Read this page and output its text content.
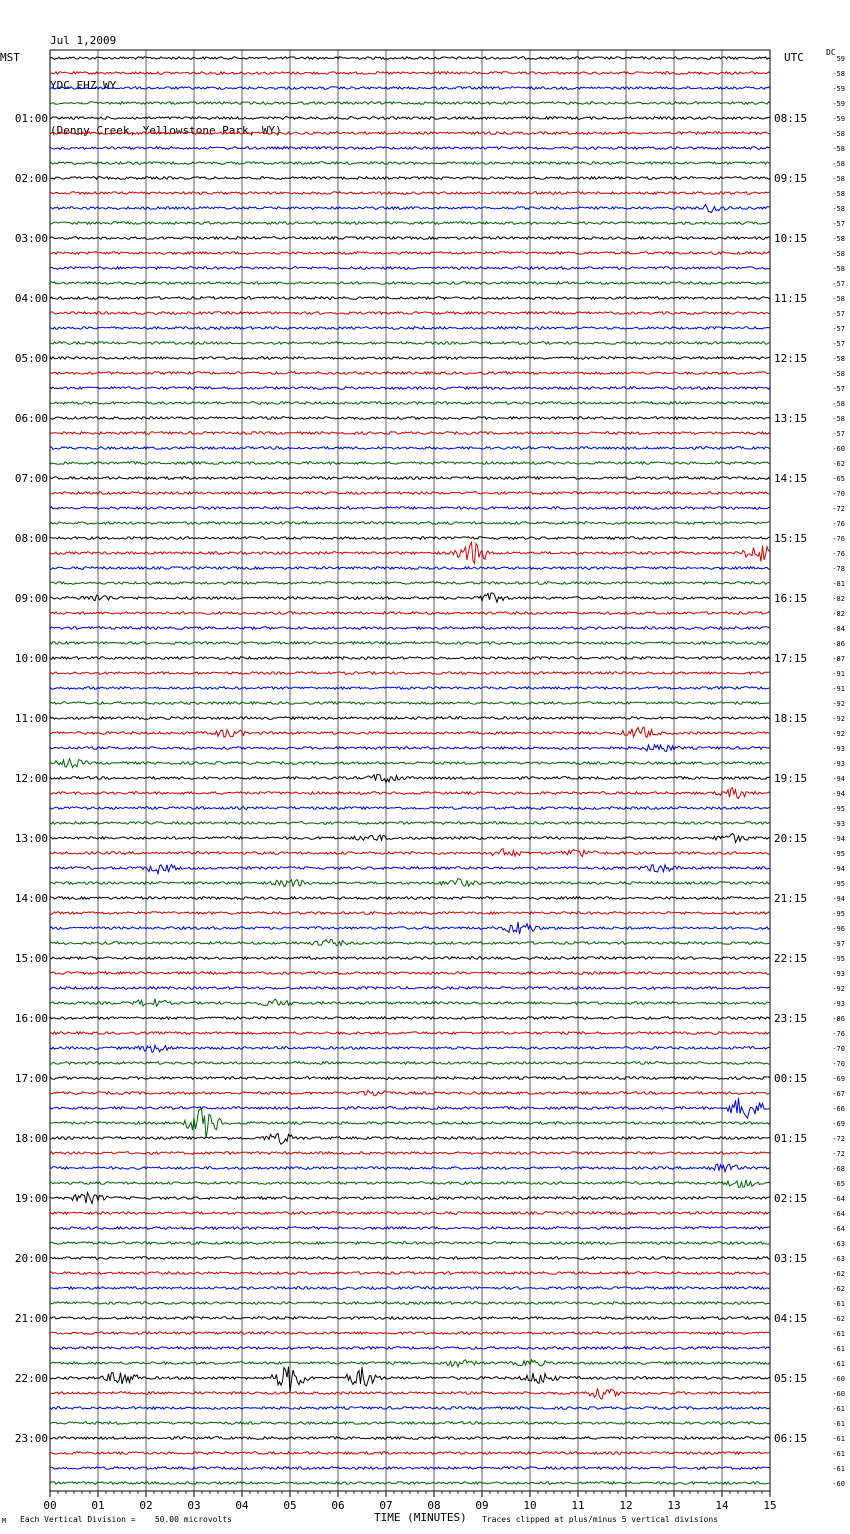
Jul 1,2009

YDC EHZ WY

(Denny Creek, Yellowstone Park, WY)

MST	UTC	DC
00	01	02	03	04	05	06	07	08	09	10	11	12	13	14	15
59
-58
-59
-59
-59
-58
-58
-58
-58
-58
-58
-57
-58
-58
-58
-57
-58
-57
-57
-57
-58
-58
-57
-58
-58
-57
-60
-62
-65
-70
-72
-76
-76
-76
-78
-81
-82
-82
-84
-86
-87
-91
-91
-92
-92
-92
-93
-93
-94
-94
-95
-93
-94
-95
-94
-95
-94
-95
-96
-97
-95
-93
-92
-93
-86
-76
-70
-70
-69
-67
-66
-69
-72
-72
-68
-65
-64
-64
-64
-63
-63
-62
-62
-61
-62
-61
-61
-61
-60
-60
-61
-61
-61
-61
-61
-60
01:00
02:00
03:00
04:00
05:00
06:00
07:00
08:00
09:00
10:00
11:00
12:00
13:00
14:00
15:00
16:00
17:00
18:00
19:00
20:00
21:00
22:00
23:00
08:15
09:15
10:15
11:15
12:15
13:15
14:15
15:15
16:15
17:15
18:15
19:15
20:15
21:15
22:15
23:15
00:15
01:15
02:15
03:15
04:15
05:15
06:15
M Each Vertical Division =    50.00 microvolts	TIME (MINUTES) Traces clipped at plus/minus 5 vertical divisions
